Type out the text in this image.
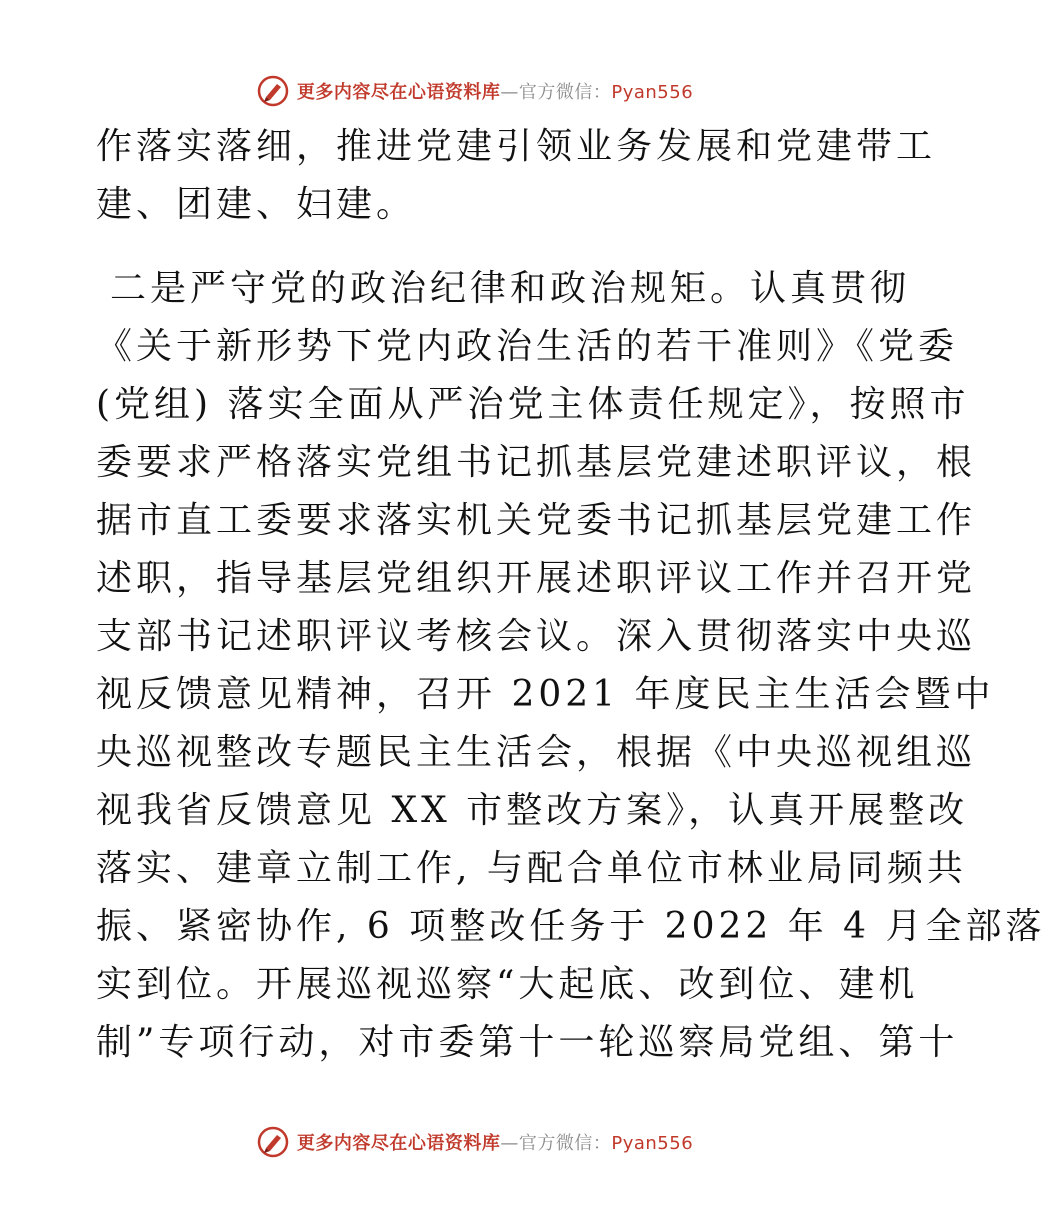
更多内容尽在心语资料库—官方微信：Pyan556

作落实落细，推进党建引领业务发展和党建带工
建、团建、妇建。

二是严守党的政治纪律和政治规矩。认真贯彻
《关于新形势下党内政治生活的若干准则》《党委
(党组) 落实全面从严治党主体责任规定》，按照市
委要求严格落实党组书记抓基层党建述职评议，根
据市直工委要求落实机关党委书记抓基层党建工作
述职，指导基层党组织开展述职评议工作并召开党
支部书记述职评议考核会议。深入贯彻落实中央巡
视反馈意见精神，召开 2021 年度民主生活会暨中
央巡视整改专题民主生活会，根据《中央巡视组巡
视我省反馈意见 XX 市整改方案》，认真开展整改
落实、建章立制工作, 与配合单位市林业局同频共
振、紧密协作, 6 项整改任务于 2022 年 4 月全部落
实到位。开展巡视巡察“大起底、改到位、建机
制”专项行动，对市委第十一轮巡察局党组、第十

更多内容尽在心语资料库—官方微信：Pyan556
